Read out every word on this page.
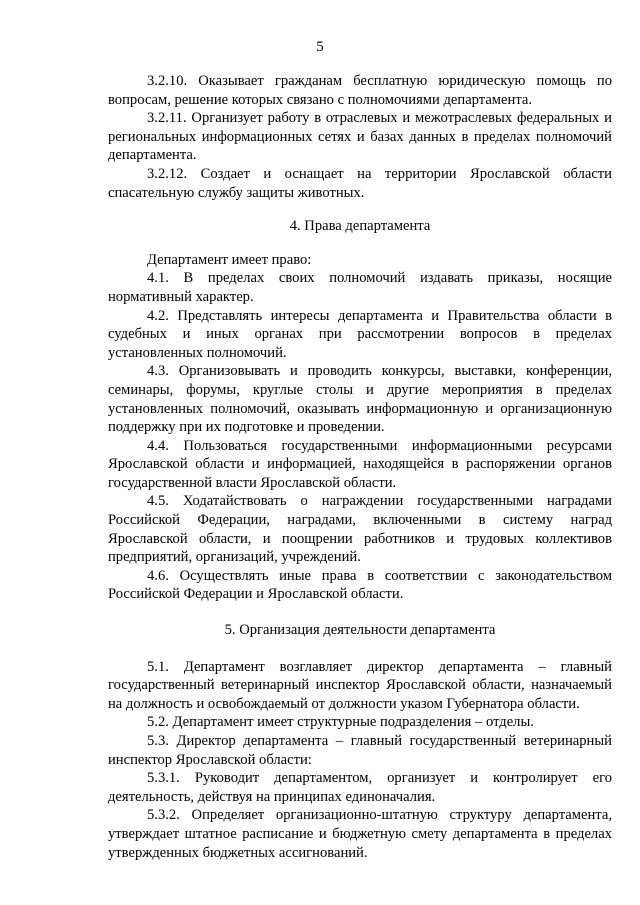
5

3.2.10. Оказывает гражданам бесплатную юридическую помощь по вопросам, решение которых связано с полномочиями департамента.

3.2.11. Организует работу в отраслевых и межотраслевых федеральных и региональных информационных сетях и базах данных в пределах полномочий департамента.

3.2.12. Создает и оснащает на территории Ярославской области спасательную службу защиты животных.

4. Права департамента

Департамент имеет право:

4.1. В пределах своих полномочий издавать приказы, носящие нормативный характер.

4.2. Представлять интересы департамента и Правительства области в судебных и иных органах при рассмотрении вопросов в пределах установленных полномочий.

4.3. Организовывать и проводить конкурсы, выставки, конференции, семинары, форумы, круглые столы и другие мероприятия в пределах установленных полномочий, оказывать информационную и организационную поддержку при их подготовке и проведении.

4.4. Пользоваться государственными информационными ресурсами Ярославской области и информацией, находящейся в распоряжении органов государственной власти Ярославской области.

4.5. Ходатайствовать о награждении государственными наградами Российской Федерации, наградами, включенными в систему наград Ярославской области, и поощрении работников и трудовых коллективов предприятий, организаций, учреждений.

4.6. Осуществлять иные права в соответствии с законодательством Российской Федерации и Ярославской области.

5. Организация деятельности департамента

5.1. Департамент возглавляет директор департамента – главный государственный ветеринарный инспектор Ярославской области, назначаемый на должность и освобождаемый от должности указом Губернатора области.

5.2. Департамент имеет структурные подразделения – отделы.

5.3. Директор департамента – главный государственный ветеринарный инспектор Ярославской области:

5.3.1. Руководит департаментом, организует и контролирует его деятельность, действуя на принципах единоначалия.

5.3.2. Определяет организационно-штатную структуру департамента, утверждает штатное расписание и бюджетную смету департамента в пределах утвержденных бюджетных ассигнований.
